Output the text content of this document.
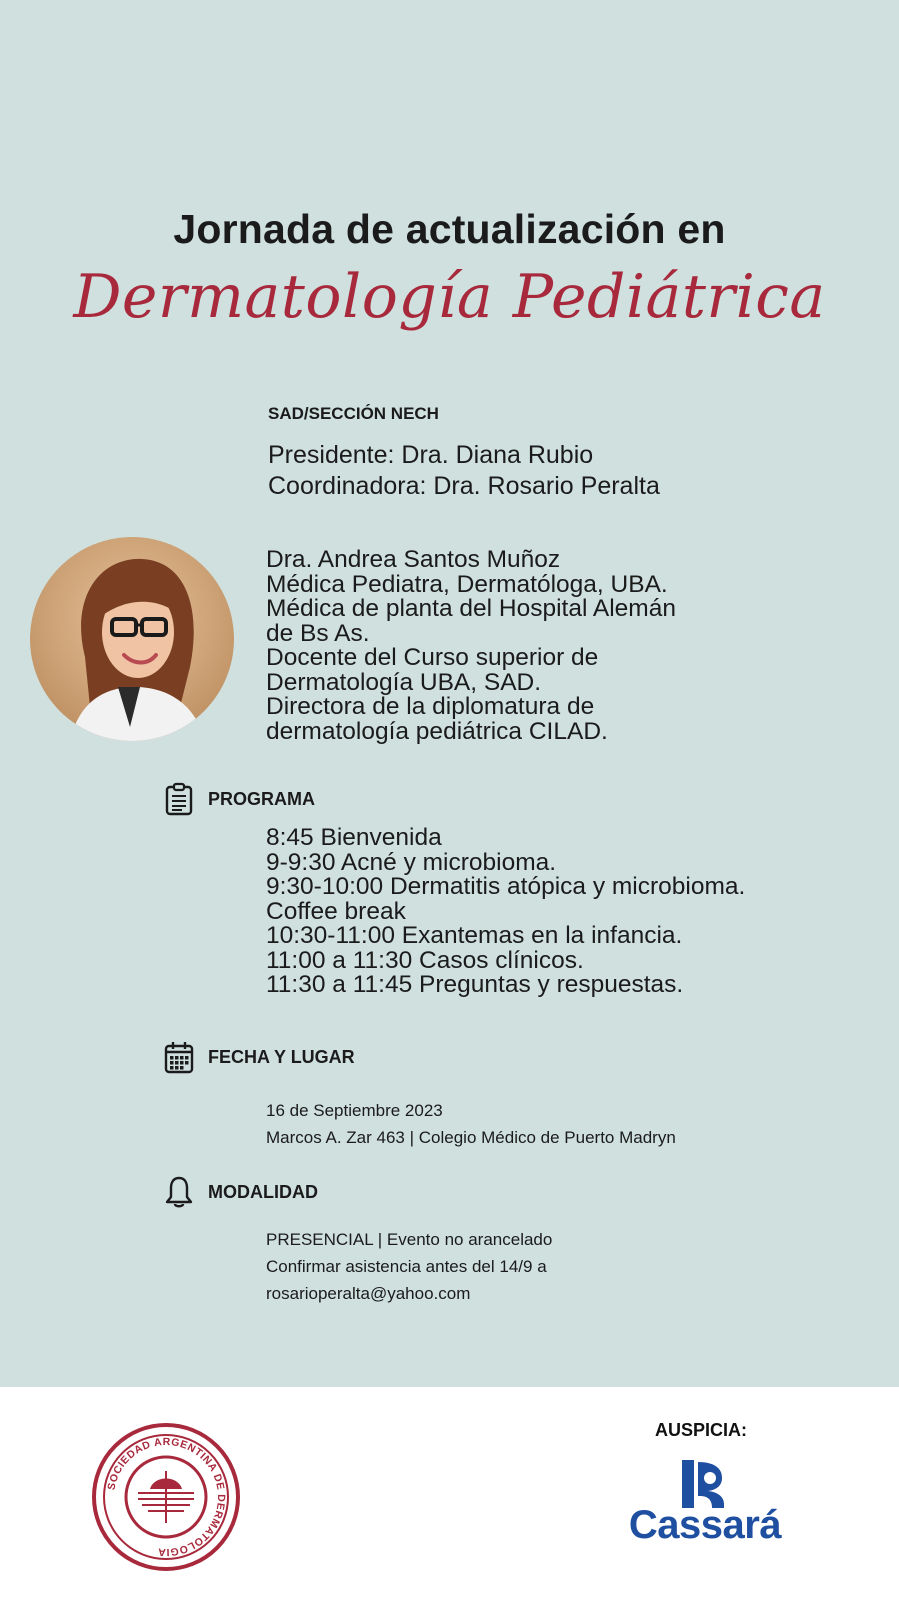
Jornada de actualización en
Dermatología Pediátrica
SAD/SECCIÓN NECH
Presidente: Dra. Diana Rubio
Coordinadora: Dra. Rosario Peralta
Dra. Andrea Santos Muñoz
Médica Pediatra, Dermatóloga, UBA.
Médica de planta del Hospital Alemán
de Bs As.
Docente del Curso superior de
Dermatología UBA, SAD.
Directora de la diplomatura de
dermatología pediátrica CILAD.
PROGRAMA
8:45 Bienvenida
9-9:30 Acné y microbioma.
9:30-10:00 Dermatitis atópica y microbioma.
Coffee break
10:30-11:00 Exantemas en la infancia.
11:00 a 11:30 Casos clínicos.
11:30 a 11:45 Preguntas y respuestas.
FECHA Y LUGAR
16 de Septiembre 2023
Marcos A. Zar 463 | Colegio Médico de Puerto Madryn
MODALIDAD
PRESENCIAL | Evento no arancelado
Confirmar asistencia antes del 14/9 a
rosarioperalta@yahoo.com
SOCIEDAD ARGENTINA DE DERMATOLOGIA
AUSPICIA:
Cassará
